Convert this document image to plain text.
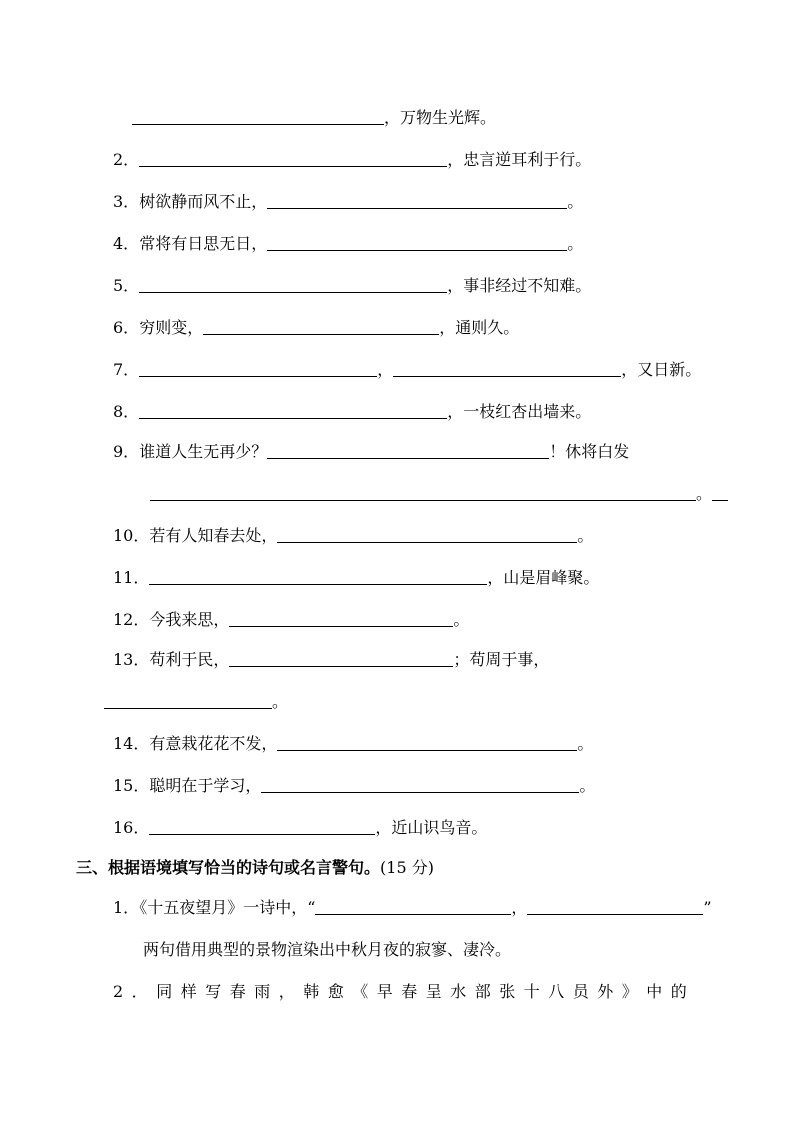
，万物生光辉。
2．	，忠言逆耳利于行。
3．树欲静而风不止，	。
4．常将有日思无日，	。
5．	，事非经过不知难。
6．穷则变，	，通则久。
7．	，	，又日新。
8．	，一枝红杏出墙来。
9．谁道人生无再少？	！休将白发
。
10．若有人知春去处，	。
11．	，山是眉峰聚。
12．今我来思，	。
13．苟利于民，	；苟周于事，
。
14．有意栽花花不发，	。
15．聪明在于学习，	。
16．	，近山识鸟音。
三、根据语境填写恰当的诗句或名言警句。(15 分)
1．《十五夜望月》一诗中，“	，	”
两句借用典型的景物渲染出中秋月夜的寂寥、凄冷。
2．同样写春雨，韩愈《早春呈水部张十八员外》中的
